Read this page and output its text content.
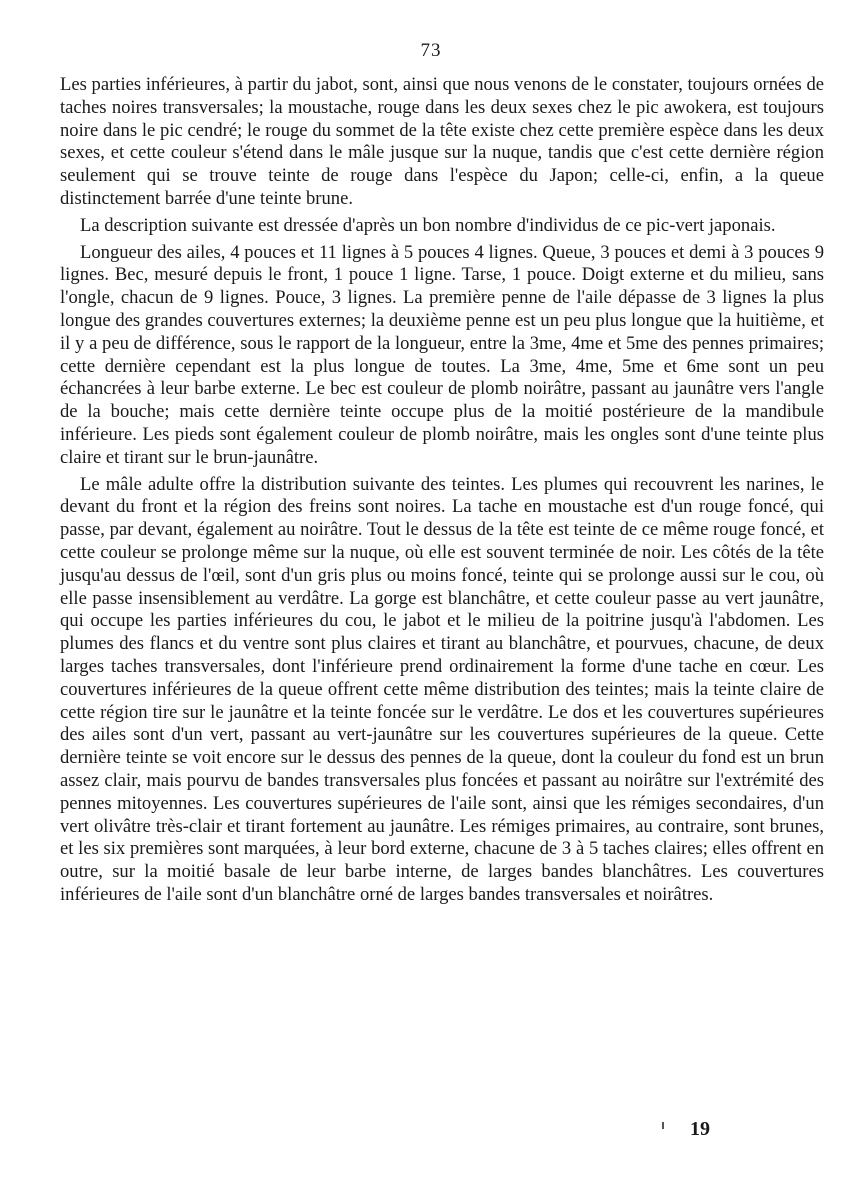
73

Les parties inférieures, à partir du jabot, sont, ainsi que nous venons de le constater, toujours ornées de taches noires transversales; la moustache, rouge dans les deux sexes chez le pic awokera, est toujours noire dans le pic cendré; le rouge du sommet de la tête existe chez cette première espèce dans les deux sexes, et cette couleur s'étend dans le mâle jusque sur la nuque, tandis que c'est cette dernière région seulement qui se trouve teinte de rouge dans l'espèce du Japon; celle-ci, enfin, a la queue distinctement barrée d'une teinte brune.

La description suivante est dressée d'après un bon nombre d'individus de ce pic-vert japonais.

Longueur des ailes, 4 pouces et 11 lignes à 5 pouces 4 lignes. Queue, 3 pouces et demi à 3 pouces 9 lignes. Bec, mesuré depuis le front, 1 pouce 1 ligne. Tarse, 1 pouce. Doigt externe et du milieu, sans l'ongle, chacun de 9 lignes. Pouce, 3 lignes. La première penne de l'aile dépasse de 3 lignes la plus longue des grandes couvertures externes; la deuxième penne est un peu plus longue que la huitième, et il y a peu de différence, sous le rapport de la longueur, entre la 3me, 4me et 5me des pennes primaires; cette dernière cependant est la plus longue de toutes. La 3me, 4me, 5me et 6me sont un peu échancrées à leur barbe externe. Le bec est couleur de plomb noirâtre, passant au jaunâtre vers l'angle de la bouche; mais cette dernière teinte occupe plus de la moitié postérieure de la mandibule inférieure. Les pieds sont également couleur de plomb noirâtre, mais les ongles sont d'une teinte plus claire et tirant sur le brun-jaunâtre.

Le mâle adulte offre la distribution suivante des teintes. Les plumes qui recouvrent les narines, le devant du front et la région des freins sont noires. La tache en moustache est d'un rouge foncé, qui passe, par devant, également au noirâtre. Tout le dessus de la tête est teinte de ce même rouge foncé, et cette couleur se prolonge même sur la nuque, où elle est souvent terminée de noir. Les côtés de la tête jusqu'au dessus de l'œil, sont d'un gris plus ou moins foncé, teinte qui se prolonge aussi sur le cou, où elle passe insensiblement au verdâtre. La gorge est blanchâtre, et cette couleur passe au vert jaunâtre, qui occupe les parties inférieures du cou, le jabot et le milieu de la poitrine jusqu'à l'abdomen. Les plumes des flancs et du ventre sont plus claires et tirant au blanchâtre, et pourvues, chacune, de deux larges taches transversales, dont l'inférieure prend ordinairement la forme d'une tache en cœur. Les couvertures inférieures de la queue offrent cette même distribution des teintes; mais la teinte claire de cette région tire sur le jaunâtre et la teinte foncée sur le verdâtre. Le dos et les couvertures supérieures des ailes sont d'un vert, passant au vert-jaunâtre sur les couvertures supérieures de la queue. Cette dernière teinte se voit encore sur le dessus des pennes de la queue, dont la couleur du fond est un brun assez clair, mais pourvu de bandes transversales plus foncées et passant au noirâtre sur l'extrémité des pennes mitoyennes. Les couvertures supérieures de l'aile sont, ainsi que les rémiges secondaires, d'un vert olivâtre très-clair et tirant fortement au jaunâtre. Les rémiges primaires, au contraire, sont brunes, et les six premières sont marquées, à leur bord externe, chacune de 3 à 5 taches claires; elles offrent en outre, sur la moitié basale de leur barbe interne, de larges bandes blanchâtres. Les couvertures inférieures de l'aile sont d'un blanchâtre orné de larges bandes transversales et noirâtres.

19
